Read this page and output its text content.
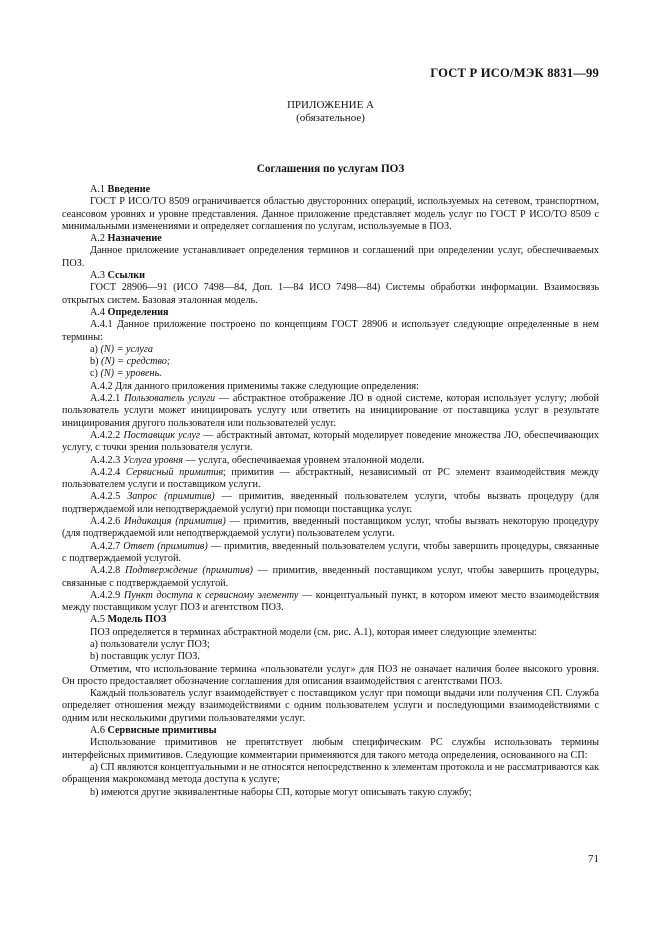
ГОСТ Р ИСО/МЭК 8831—99
ПРИЛОЖЕНИЕ А
(обязательное)
Соглашения по услугам ПОЗ

А.1 Введение

ГОСТ Р ИСО/ТО 8509 ограничивается областью двусторонних операций, используемых на сетевом, транспортном, сеансовом уровнях и уровне представления. Данное приложение представляет модель услуг по ГОСТ Р ИСО/ТО 8509 с минимальными изменениями и определяет соглашения по услугам, используемые в ПОЗ.

А.2 Назначение

Данное приложение устанавливает определения терминов и соглашений при определении услуг, обеспечиваемых ПОЗ.

А.3 Ссылки

ГОСТ 28906—91 (ИСО 7498—84, Доп. 1—84 ИСО 7498—84) Системы обработки информации. Взаимосвязь открытых систем. Базовая эталонная модель.

А.4 Определения

А.4.1 Данное приложение построено по концепциям ГОСТ 28906 и использует следующие определенные в нем термины:

а) (N) = услуга

b) (N) = средство;

с) (N) = уровень.

А.4.2 Для данного приложения применимы также следующие определения:

А.4.2.1 Пользователь услуги — абстрактное отображение ЛО в одной системе, которая использует услугу; любой пользователь услуги может инициировать услугу или ответить на инициирование от поставщика услуг в результате инициирования другого пользователя или пользователей услуг.

А.4.2.2 Поставщик услуг — абстрактный автомат, который моделирует поведение множества ЛО, обеспечивающих услугу, с точки зрения пользователя услуги.

А.4.2.3 Услуга уровня — услуга, обеспечиваемая уровнем эталонной модели.

А.4.2.4 Сервисный примитив; примитив — абстрактный, независимый от РС элемент взаимодействия между пользователем услуги и поставщиком услуги.

А.4.2.5 Запрос (примитив) — примитив, введенный пользователем услуги, чтобы вызвать процедуру (для подтверждаемой или неподтверждаемой услуги) при помощи поставщика услуг.

А.4.2.6 Индикация (примитив) — примитив, введенный поставщиком услуг, чтобы вызвать некоторую процедуру (для подтверждаемой или неподтверждаемой услуги) пользователем услуги.

А.4.2.7 Ответ (примитив) — примитив, введенный пользователем услуги, чтобы завершить процедуры, связанные с подтверждаемой услугой.

А.4.2.8 Подтверждение (примитив) — примитив, введенный поставщиком услуг, чтобы завершить процедуры, связанные с подтверждаемой услугой.

А.4.2.9 Пункт доступа к сервисному элементу — концептуальный пункт, в котором имеют место взаимодействия между поставщиком услуг ПОЗ и агентством ПОЗ.

А.5 Модель ПОЗ

ПОЗ определяется в терминах абстрактной модели (см. рис. А.1), которая имеет следующие элементы:

а) пользователи услуг ПОЗ;

b) поставщик услуг ПОЗ.

Отметим, что использование термина «пользователи услуг» для ПОЗ не означает наличия более высокого уровня. Он просто предоставляет обозначение соглашения для описания взаимодействия с агентствами ПОЗ.

Каждый пользователь услуг взаимодействует с поставщиком услуг при помощи выдачи или получения СП. Служба определяет отношения между взаимодействиями с одним пользователем услуги и последующими взаимодействиями с одним или несколькими другими пользователями услуг.

А.6 Сервисные примитивы

Использование примитивов не препятствует любым специфическим РС службы использовать термины интерфейсных примитивов. Следующие комментарии применяются для такого метода определения, основанного на СП:

а) СП являются концептуальными и не относятся непосредственно к элементам протокола и не рассматриваются как обращения макрокоманд метода доступа к услуге;

b) имеются другие эквивалентные наборы СП, которые могут описывать такую службу;

71
